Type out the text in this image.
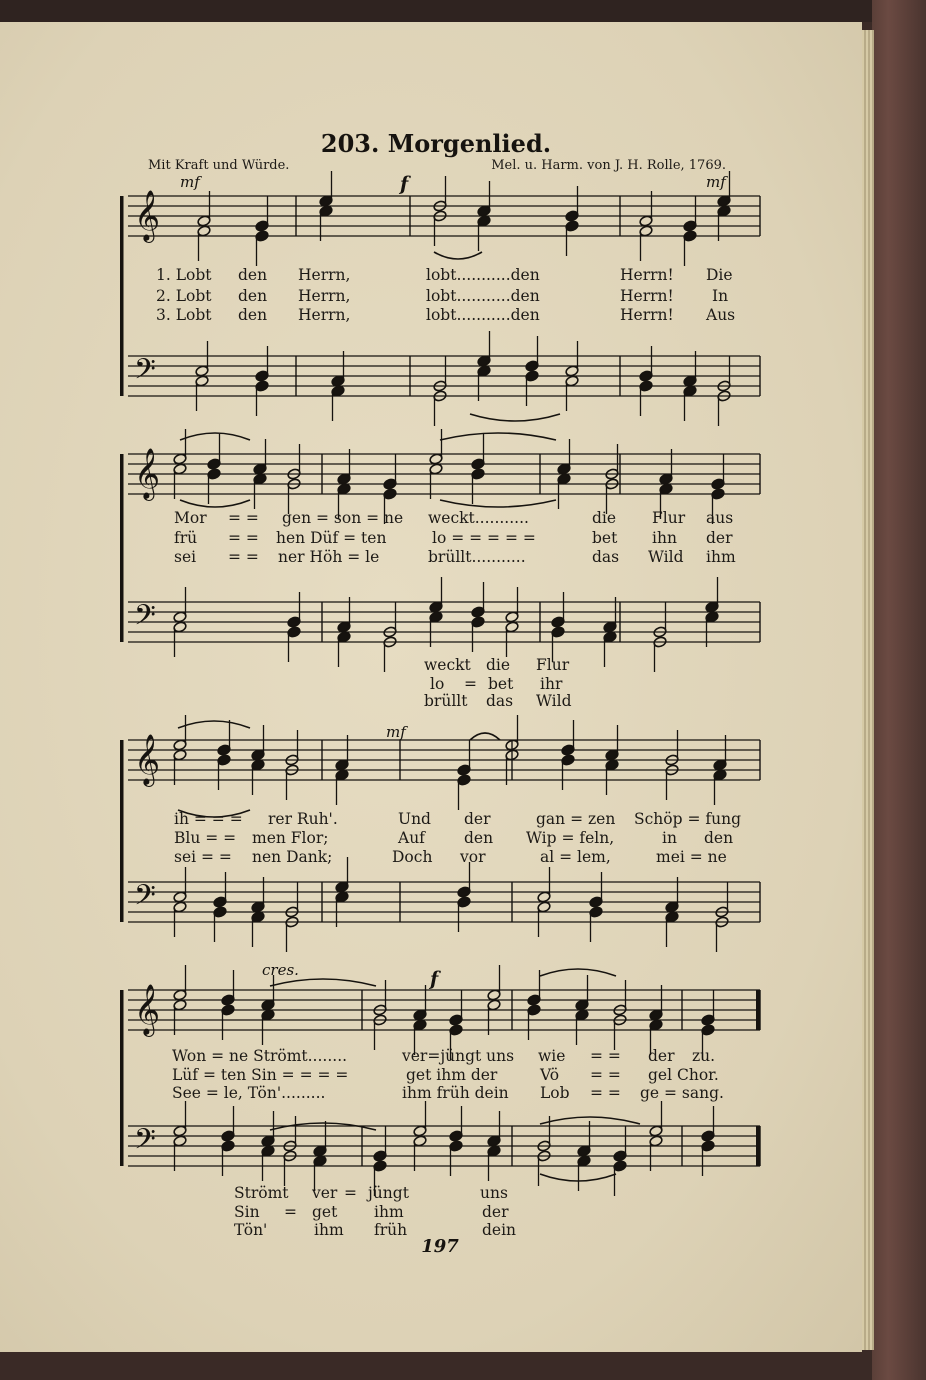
203. Morgenlied.
Mit Kraft und Würde.	Mel. u. Harm. von J. H. Rolle, 1769.
mf	f	mf
mf
cres.	f
1. Lobt den Herrn,	lobt...........den	Herrn! Die
2. Lobt den Herrn,	lobt...........den	Herrn! In
3. Lobt den Herrn,	lobt...........den	Herrn! Aus
Mor = = gen = son = ne weckt...........	die Flur aus
frü = = hen Düf = ten	lo = = = = =	bet ihn der
sei = = ner Höh = le	brüllt...........	das Wild ihm
weckt die Flur
lo = bet ihr
brüllt das Wild
ih = = = rer Ruh'.	Und der	gan = zen Schöp = fung
Blu = = men Flor;	Auf	den Wip = feln,	in den
sei = = nen Dank;	Doch vor	al = lem,	mei = ne
Won = ne Strömt........	ver=jüngt uns wie = = der zu.
Lüf = ten Sin = = = =	get ihm der	Vö = = gel Chor.
See = le, Tön'.........	ihm früh dein Lob = = ge = sang.
Strömt ver = jüngt	uns
Sin = get ihm	der
Tön'	ihm früh	dein
197
𝄞
𝄢
𝄞
𝄢
𝄞
𝄢
𝄞
𝄢
